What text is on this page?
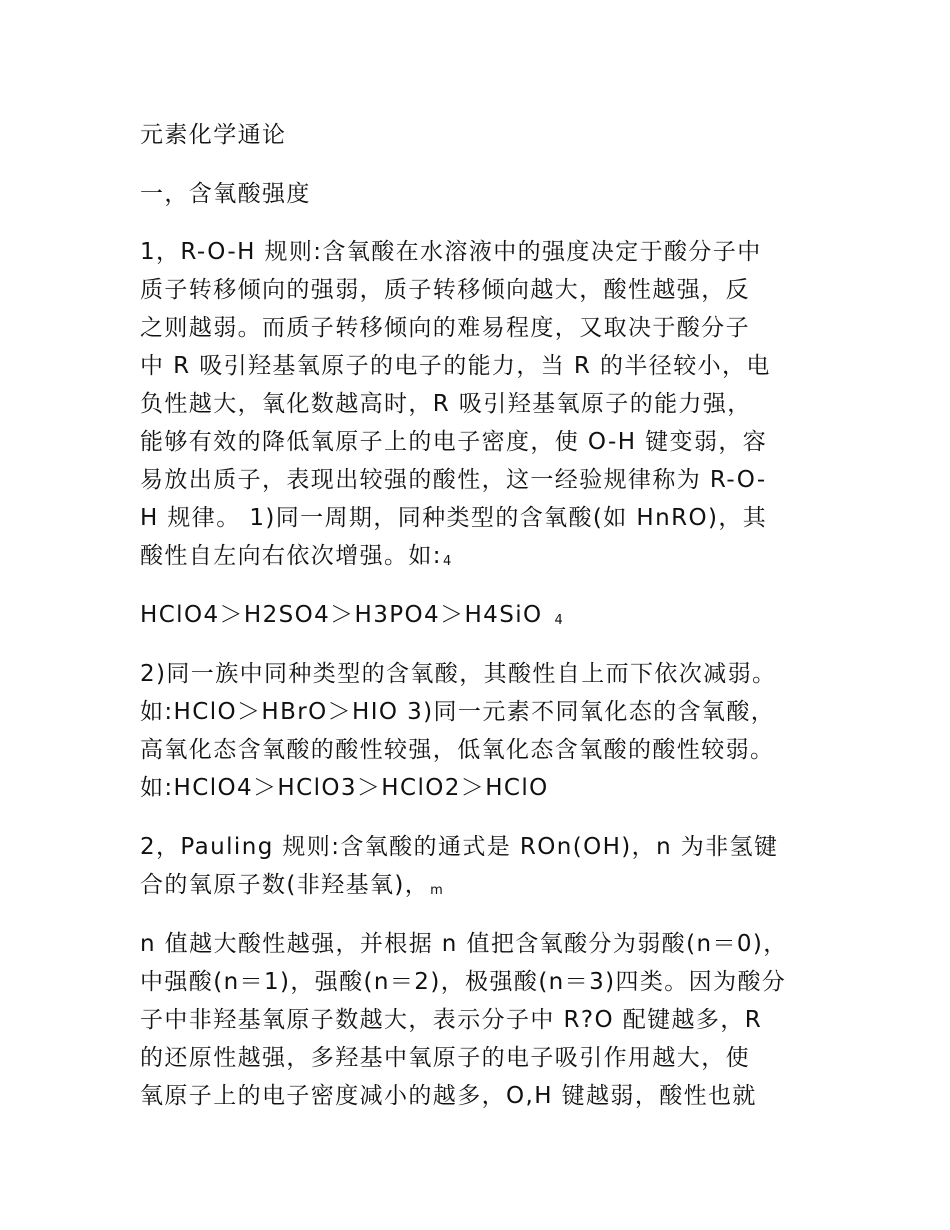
元素化学通论
一，含氧酸强度
1，R-O-H 规则:含氧酸在水溶液中的强度决定于酸分子中
质子转移倾向的强弱，质子转移倾向越大，酸性越强，反
之则越弱。而质子转移倾向的难易程度，又取决于酸分子
中 R 吸引羟基氧原子的电子的能力，当 R 的半径较小，电
负性越大，氧化数越高时，R 吸引羟基氧原子的能力强，
能够有效的降低氧原子上的电子密度，使 O-H 键变弱，容
易放出质子，表现出较强的酸性，这一经验规律称为 R-O-
H 规律。 1)同一周期，同种类型的含氧酸(如 HnRO)，其
酸性自左向右依次增强。如:4
HClO4＞H2SO4＞H3PO4＞H4SiO 4
2)同一族中同种类型的含氧酸，其酸性自上而下依次减弱。
如:HClO＞HBrO＞HIO 3)同一元素不同氧化态的含氧酸，
高氧化态含氧酸的酸性较强，低氧化态含氧酸的酸性较弱。
如:HClO4＞HClO3＞HClO2＞HClO
2，Pauling 规则:含氧酸的通式是 ROn(OH)，n 为非氢键
合的氧原子数(非羟基氧)，m
n 值越大酸性越强，并根据 n 值把含氧酸分为弱酸(n＝0)，
中强酸(n＝1)，强酸(n＝2)，极强酸(n＝3)四类。因为酸分
子中非羟基氧原子数越大，表示分子中 R?O 配键越多，R
的还原性越强，多羟基中氧原子的电子吸引作用越大，使
氧原子上的电子密度减小的越多，O,H 键越弱，酸性也就
